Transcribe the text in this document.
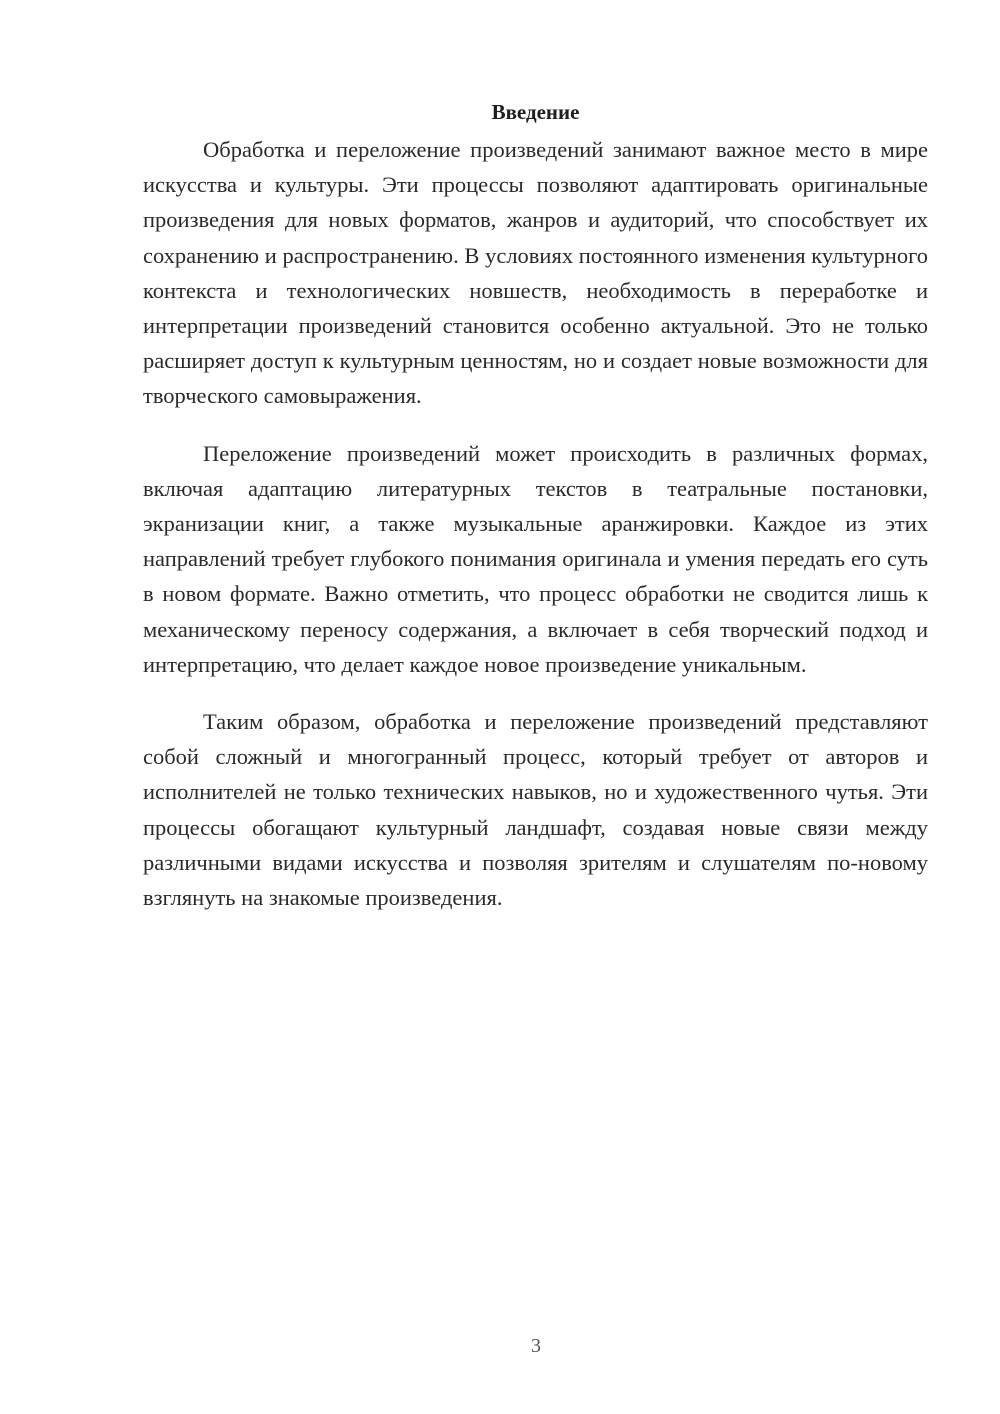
Введение

Обработка и переложение произведений занимают важное место в мире искусства и культуры. Эти процессы позволяют адаптировать оригинальные произведения для новых форматов, жанров и аудиторий, что способствует их сохранению и распространению. В условиях постоянного изменения культурного контекста и технологических новшеств, необходимость в переработке и интерпретации произведений становится особенно актуальной. Это не только расширяет доступ к культурным ценностям, но и создает новые возможности для творческого самовыражения.

Переложение произведений может происходить в различных формах, включая адаптацию литературных текстов в театральные постановки, экранизации книг, а также музыкальные аранжировки. Каждое из этих направлений требует глубокого понимания оригинала и умения передать его суть в новом формате. Важно отметить, что процесс обработки не сводится лишь к механическому переносу содержания, а включает в себя творческий подход и интерпретацию, что делает каждое новое произведение уникальным.

Таким образом, обработка и переложение произведений представляют собой сложный и многогранный процесс, который требует от авторов и исполнителей не только технических навыков, но и художественного чутья. Эти процессы обогащают культурный ландшафт, создавая новые связи между различными видами искусства и позволяя зрителям и слушателям по-новому взглянуть на знакомые произведения.

3
